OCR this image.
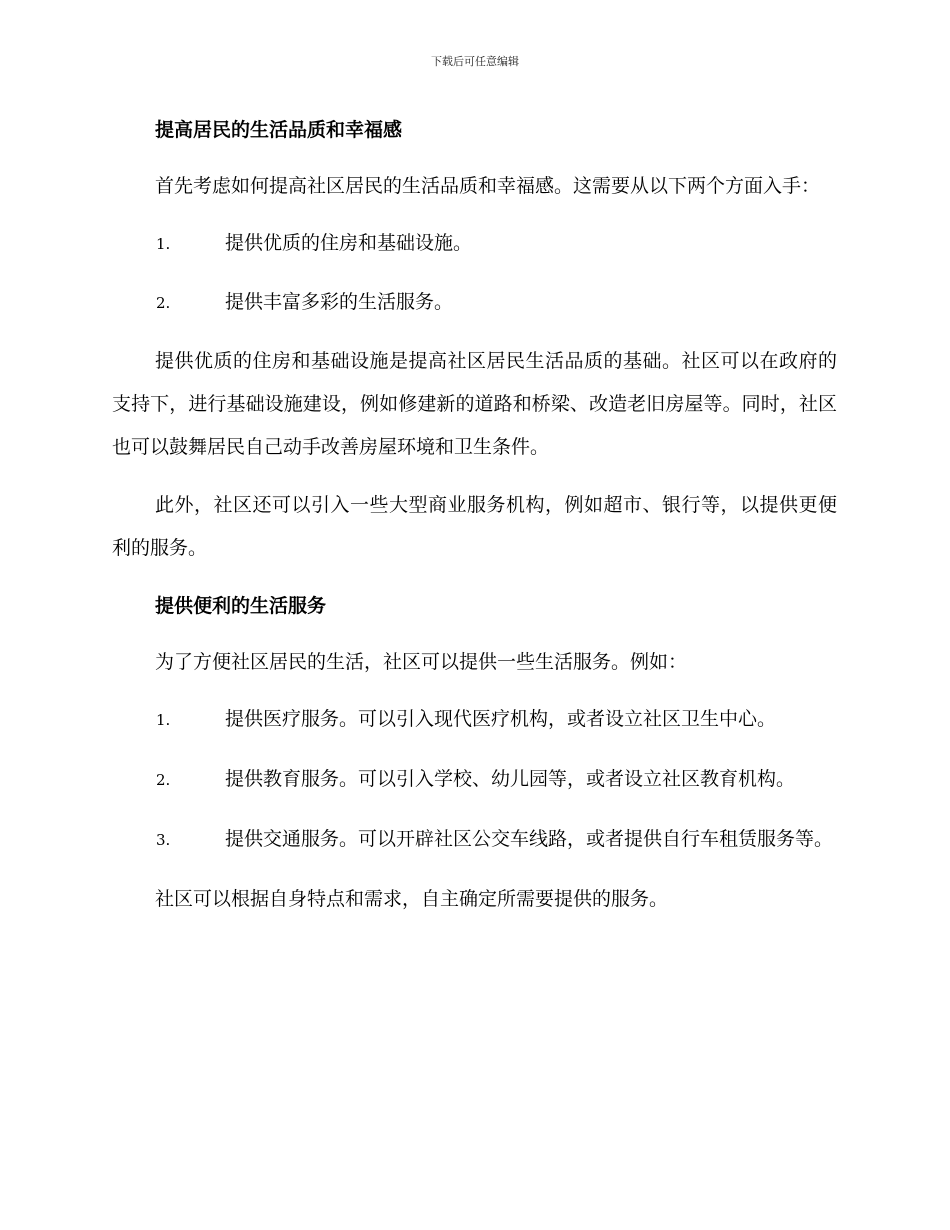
下载后可任意编辑
提高居民的生活品质和幸福感

首先考虑如何提高社区居民的生活品质和幸福感。这需要从以下两个方面入手：

1.	提供优质的住房和基础设施。

2.	提供丰富多彩的生活服务。

提供优质的住房和基础设施是提高社区居民生活品质的基础。社区可以在政府的支持下，进行基础设施建设，例如修建新的道路和桥梁、改造老旧房屋等。同时，社区也可以鼓舞居民自己动手改善房屋环境和卫生条件。

此外，社区还可以引入一些大型商业服务机构，例如超市、银行等，以提供更便利的服务。

提供便利的生活服务

为了方便社区居民的生活，社区可以提供一些生活服务。例如：

1.	提供医疗服务。可以引入现代医疗机构，或者设立社区卫生中心。

2.	提供教育服务。可以引入学校、幼儿园等，或者设立社区教育机构。

3.	提供交通服务。可以开辟社区公交车线路，或者提供自行车租赁服务等。

社区可以根据自身特点和需求，自主确定所需要提供的服务。
